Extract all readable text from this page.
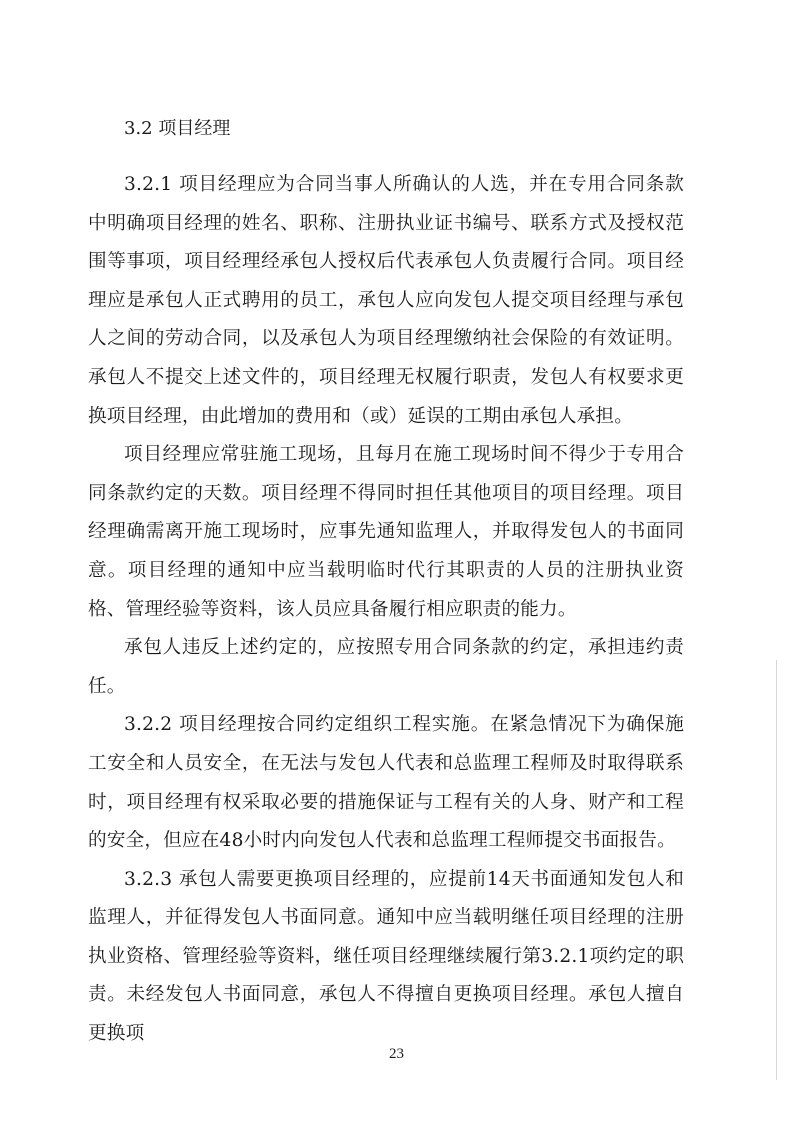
3.2 项目经理

3.2.1 项目经理应为合同当事人所确认的人选，并在专用合同条款中明确项目经理的姓名、职称、注册执业证书编号、联系方式及授权范围等事项，项目经理经承包人授权后代表承包人负责履行合同。项目经理应是承包人正式聘用的员工，承包人应向发包人提交项目经理与承包人之间的劳动合同，以及承包人为项目经理缴纳社会保险的有效证明。承包人不提交上述文件的，项目经理无权履行职责，发包人有权要求更换项目经理，由此增加的费用和（或）延误的工期由承包人承担。

项目经理应常驻施工现场，且每月在施工现场时间不得少于专用合同条款约定的天数。项目经理不得同时担任其他项目的项目经理。项目经理确需离开施工现场时，应事先通知监理人，并取得发包人的书面同意。项目经理的通知中应当载明临时代行其职责的人员的注册执业资格、管理经验等资料，该人员应具备履行相应职责的能力。

承包人违反上述约定的，应按照专用合同条款的约定，承担违约责任。

3.2.2 项目经理按合同约定组织工程实施。在紧急情况下为确保施工安全和人员安全，在无法与发包人代表和总监理工程师及时取得联系时，项目经理有权采取必要的措施保证与工程有关的人身、财产和工程的安全，但应在48小时内向发包人代表和总监理工程师提交书面报告。

3.2.3 承包人需要更换项目经理的，应提前14天书面通知发包人和监理人，并征得发包人书面同意。通知中应当载明继任项目经理的注册执业资格、管理经验等资料，继任项目经理继续履行第3.2.1项约定的职责。未经发包人书面同意，承包人不得擅自更换项目经理。承包人擅自更换项

23
